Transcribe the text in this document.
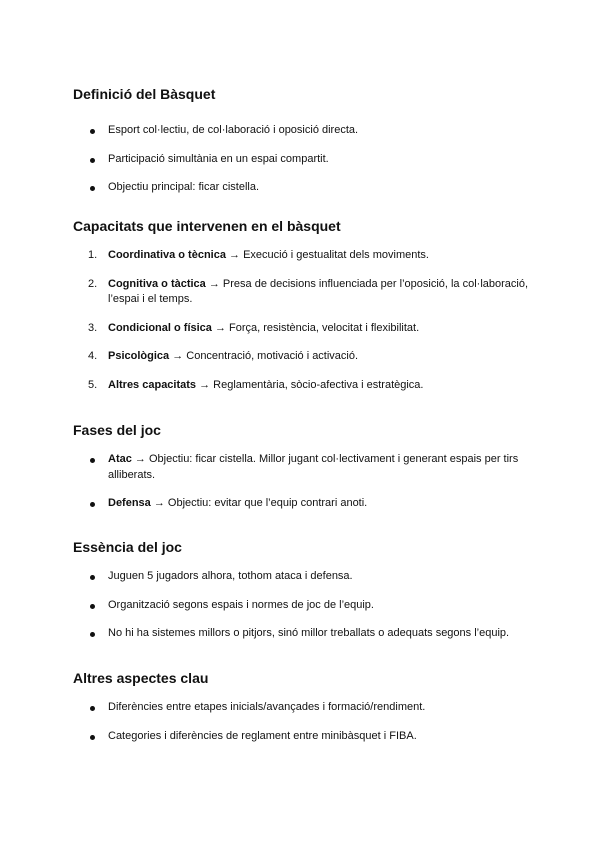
Definició del Bàsquet
Esport col·lectiu, de col·laboració i oposició directa.
Participació simultània en un espai compartit.
Objectiu principal: ficar cistella.
Capacitats que intervenen en el bàsquet
1. Coordinativa o tècnica → Execució i gestualitat dels moviments.
2. Cognitiva o tàctica → Presa de decisions influenciada per l’oposició, la col·laboració, l’espai i el temps.
3. Condicional o física → Força, resistència, velocitat i flexibilitat.
4. Psicològica → Concentració, motivació i activació.
5. Altres capacitats → Reglamentària, sòcio-afectiva i estratègica.
Fases del joc
Atac → Objectiu: ficar cistella. Millor jugant col·lectivament i generant espais per tirs alliberats.
Defensa → Objectiu: evitar que l’equip contrari anoti.
Essència del joc
Juguen 5 jugadors alhora, tothom ataca i defensa.
Organització segons espais i normes de joc de l’equip.
No hi ha sistemes millors o pitjors, sinó millor treballats o adequats segons l’equip.
Altres aspectes clau
Diferències entre etapes inicials/avançades i formació/rendiment.
Categories i diferències de reglament entre minibàsquet i FIBA.
